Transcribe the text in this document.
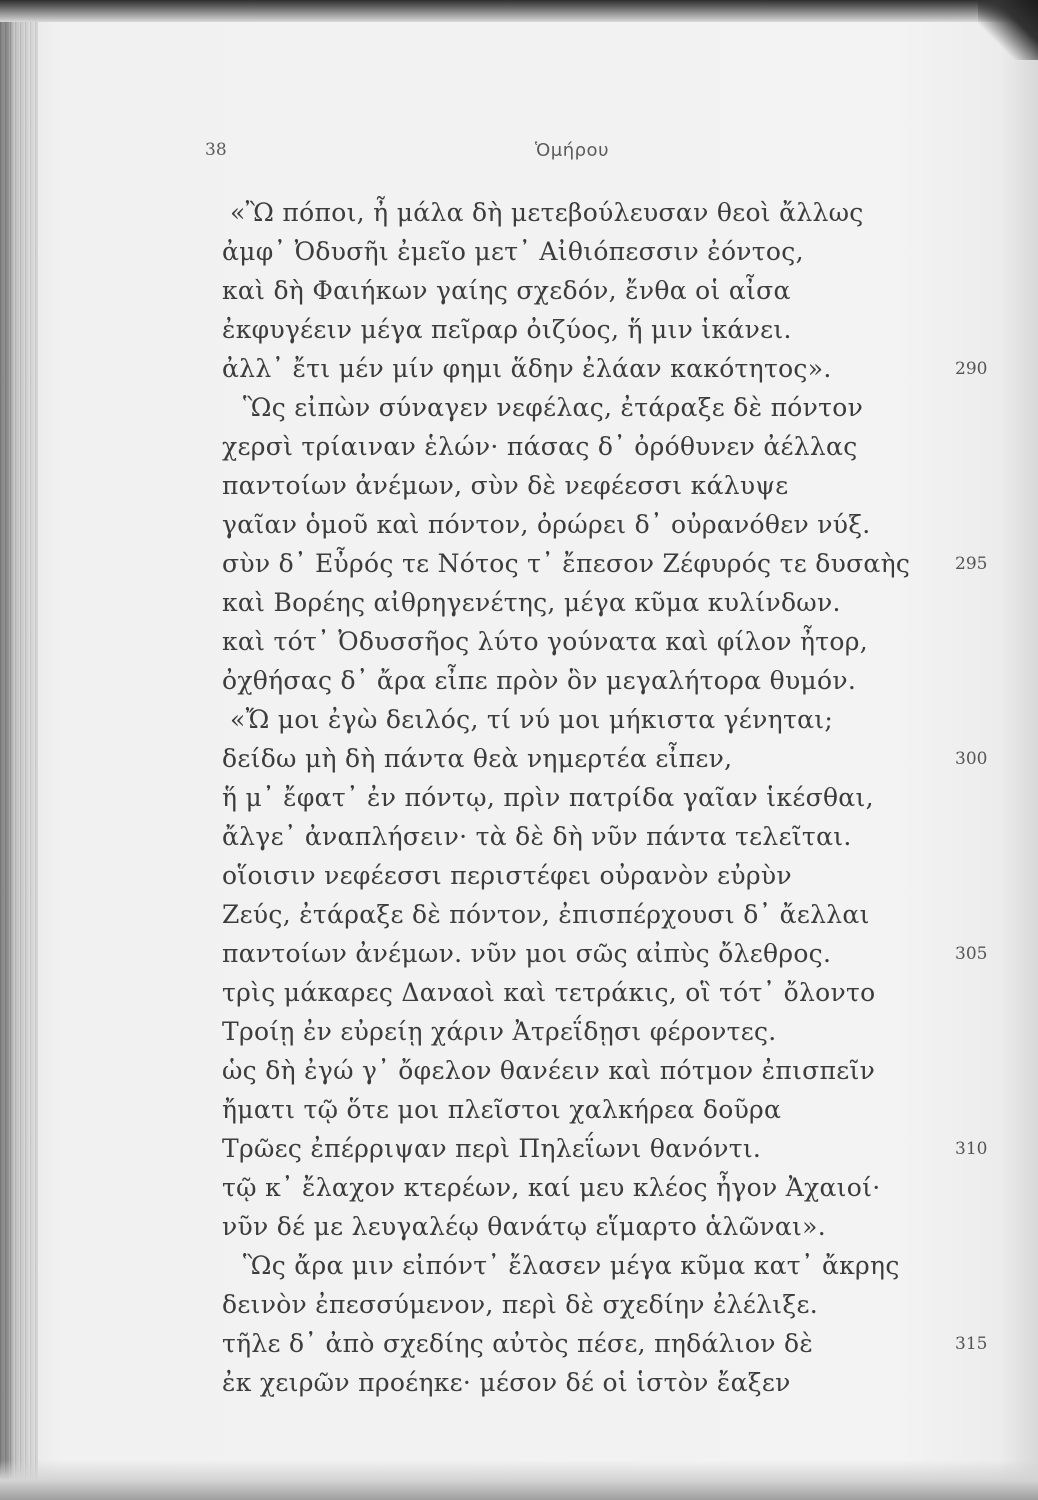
38	Ὁμήρου
«Ὢ πόποι, ἦ μάλα δὴ μετεβούλευσαν θεοὶ ἄλλως
ἀμφ᾽ Ὀδυσῆι ἐμεῖο μετ᾽ Αἰθιόπεσσιν ἐόντος,
καὶ δὴ Φαιήκων γαίης σχεδόν, ἔνθα οἱ αἶσα
ἐκφυγέειν μέγα πεῖραρ ὀιζύος, ἥ μιν ἱκάνει.
ἀλλ᾽ ἔτι μέν μίν φημι ἅδην ἐλάαν κακότητος».
Ὣς εἰπὼν σύναγεν νεφέλας, ἐτάραξε δὲ πόντον
χερσὶ τρίαιναν ἑλών· πάσας δ᾽ ὀρόθυνεν ἀέλλας
παντοίων ἀνέμων, σὺν δὲ νεφέεσσι κάλυψε
γαῖαν ὁμοῦ καὶ πόντον, ὀρώρει δ᾽ οὐρανόθεν νύξ.
σὺν δ᾽ Εὖρός τε Νότος τ᾽ ἔπεσον Ζέφυρός τε δυσαὴς
καὶ Βορέης αἰθρηγενέτης, μέγα κῦμα κυλίνδων.
καὶ τότ᾽ Ὀδυσσῆος λύτο γούνατα καὶ φίλον ἦτορ,
ὀχθήσας δ᾽ ἄρα εἶπε πρὸν ὃν μεγαλήτορα θυμόν.
«Ὤ μοι ἐγὼ δειλός, τί νύ μοι μήκιστα γένηται;
δείδω μὴ δὴ πάντα θεὰ νημερτέα εἶπεν,
ἥ μ᾽ ἔφατ᾽ ἐν πόντῳ, πρὶν πατρίδα γαῖαν ἱκέσθαι,
ἄλγε᾽ ἀναπλήσειν· τὰ δὲ δὴ νῦν πάντα τελεῖται.
οἵοισιν νεφέεσσι περιστέφει οὐρανὸν εὐρὺν
Ζεύς, ἐτάραξε δὲ πόντον, ἐπισπέρχουσι δ᾽ ἄελλαι
παντοίων ἀνέμων. νῦν μοι σῶς αἰπὺς ὄλεθρος.
τρὶς μάκαρες Δαναοὶ καὶ τετράκις, οἳ τότ᾽ ὄλοντο
Τροίῃ ἐν εὐρείῃ χάριν Ἀτρεΐδῃσι φέροντες.
ὡς δὴ ἐγώ γ᾽ ὄφελον θανέειν καὶ πότμον ἐπισπεῖν
ἤματι τῷ ὅτε μοι πλεῖστοι χαλκήρεα δοῦρα
Τρῶες ἐπέρριψαν περὶ Πηλεΐωνι θανόντι.
τῷ κ᾽ ἔλαχον κτερέων, καί μευ κλέος ἦγον Ἀχαιοί·
νῦν δέ με λευγαλέῳ θανάτῳ εἵμαρτο ἁλῶναι».
Ὣς ἄρα μιν εἰπόντ᾽ ἔλασεν μέγα κῦμα κατ᾽ ἄκρης
δεινὸν ἐπεσσύμενον, περὶ δὲ σχεδίην ἐλέλιξε.
τῆλε δ᾽ ἀπὸ σχεδίης αὐτὸς πέσε, πηδάλιον δὲ
ἐκ χειρῶν προέηκε· μέσον δέ οἱ ἱστὸν ἔαξεν
290
295
300
305
310
315
